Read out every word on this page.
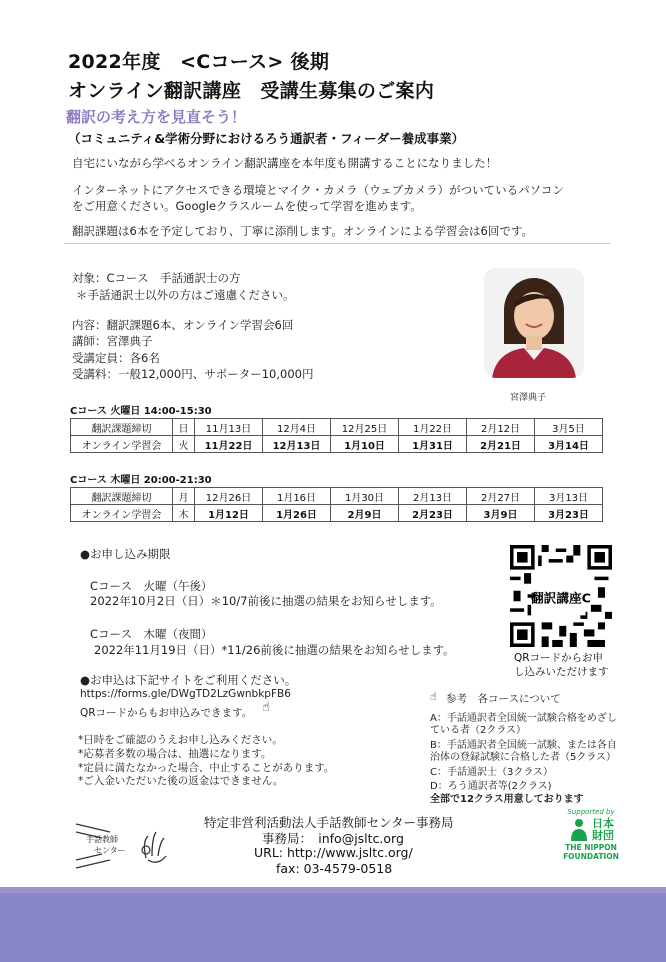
2022年度　<Cコース> 後期
オンライン翻訳講座　受講生募集のご案内
翻訳の考え方を見直そう！
（コミュニティ&学術分野におけるろう通訳者・フィーダー養成事業）
自宅にいながら学べるオンライン翻訳講座を本年度も開講することになりました！
インターネットにアクセスできる環境とマイク・カメラ（ウェブカメラ）がついているパソコン
をご用意ください。Googleクラスルームを使って学習を進めます。
翻訳課題は6本を予定しており、丁寧に添削します。オンラインによる学習会は6回です。
対象：Cコース　手話通訳士の方
＊手話通訳士以外の方はご遠慮ください。
内容：翻訳課題6本、オンライン学習会6回
講師：宮澤典子
受講定員：各6名
受講料：一般12,000円、サポーター10,000円
宮澤典子
Cコース 火曜日 14:00-15:30
翻訳課題締切	日	11月13日	12月4日	12月25日	1月22日	2月12日	3月5日
オンライン学習会	火	11月22日	12月13日	1月10日	1月31日	2月21日	3月14日
Cコース 木曜日 20:00-21:30
翻訳課題締切	月	12月26日	1月16日	1月30日	2月13日	2月27日	3月13日
オンライン学習会	木	1月12日	1月26日	2月9日	2月23日	3月9日	3月23日
●お申し込み期限
Cコース　火曜（午後）
2022年10月2日（日）＊10/7前後に抽選の結果をお知らせします。
Cコース　木曜（夜間）
2022年11月19日（日）*11/26前後に抽選の結果をお知らせします。
翻訳講座C
QRコードからお申
し込みいただけます
●お申込は下記サイトをご利用ください。
https://forms.gle/DWgTD2LzGwnbkpFB6
QRコードからもお申込みできます。 ☝
*日時をご確認のうえお申し込みください。
*応募者多数の場合は、抽選になります。
*定員に満たなかった場合、中止することがあります。
*ご入金いただいた後の返金はできません。
☝ 参考　各コースについて
A：手話通訳者全国統一試験合格をめざし
ている者（2クラス）
B：手話通訳者全国統一試験、または各自
治体の登録試験に合格した者（5クラス）
C：手話通訳士（3クラス）
D：ろう通訳者等(2クラス)
全部で12クラス用意しております
手話教師
センター
特定非営利活動法人手話教師センター事務局
事務局：　info@jsltc.org
URL: http://www.jsltc.org/
fax: 03-4579-0518
Supported by
日本
財団
THE NIPPON
FOUNDATION
